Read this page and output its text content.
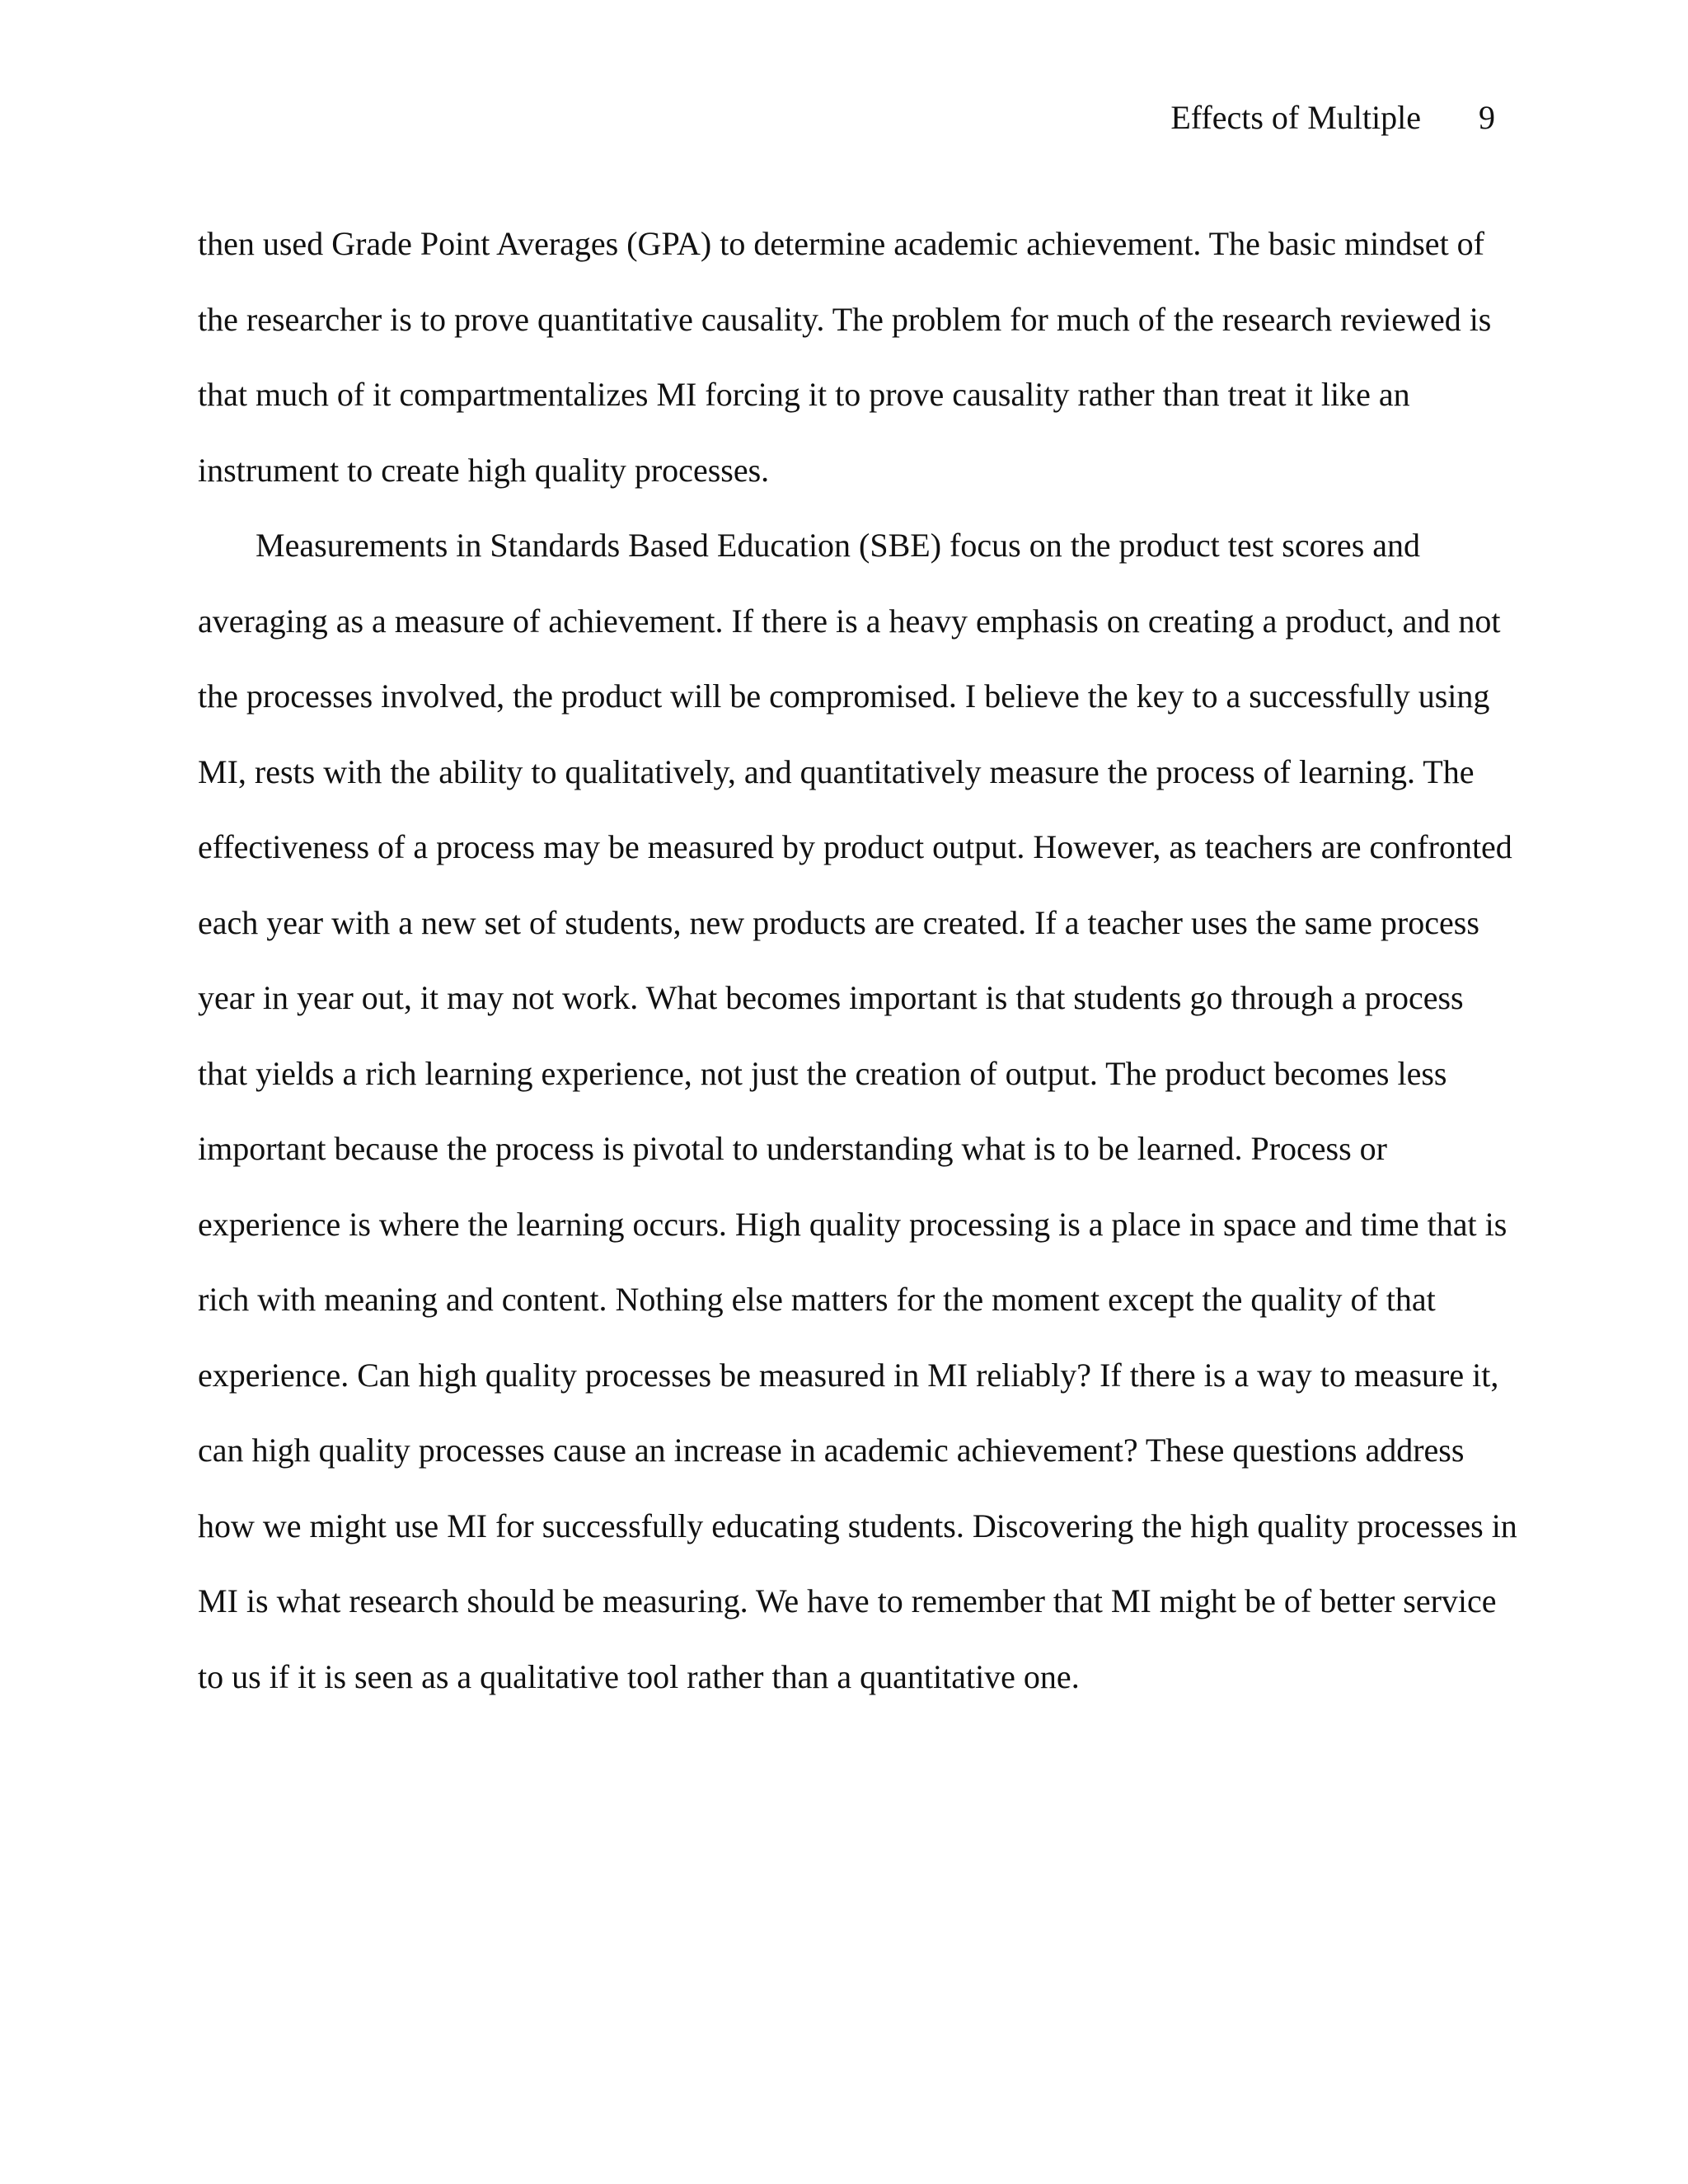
Effects of Multiple 9
then used Grade Point Averages (GPA) to determine academic achievement. The basic mindset of
the researcher is to prove quantitative causality. The problem for much of the research reviewed is
that much of it compartmentalizes MI forcing it to prove causality rather than treat it like an
instrument to create high quality processes.
Measurements in Standards Based Education (SBE) focus on the product test scores and
averaging as a measure of achievement. If there is a heavy emphasis on creating a product, and not
the processes involved, the product will be compromised. I believe the key to a successfully using
MI, rests with the ability to qualitatively, and quantitatively measure the process of learning. The
effectiveness of a process may be measured by product output. However, as teachers are confronted
each year with a new set of students, new products are created. If a teacher uses the same process
year in year out, it may not work. What becomes important is that students go through a process
that yields a rich learning experience, not just the creation of output. The product becomes less
important because the process is pivotal to understanding what is to be learned. Process or
experience is where the learning occurs. High quality processing is a place in space and time that is
rich with meaning and content. Nothing else matters for the moment except the quality of that
experience. Can high quality processes be measured in MI reliably? If there is a way to measure it,
can high quality processes cause an increase in academic achievement? These questions address
how we might use MI for successfully educating students. Discovering the high quality processes in
MI is what research should be measuring. We have to remember that MI might be of better service
to us if it is seen as a qualitative tool rather than a quantitative one.
